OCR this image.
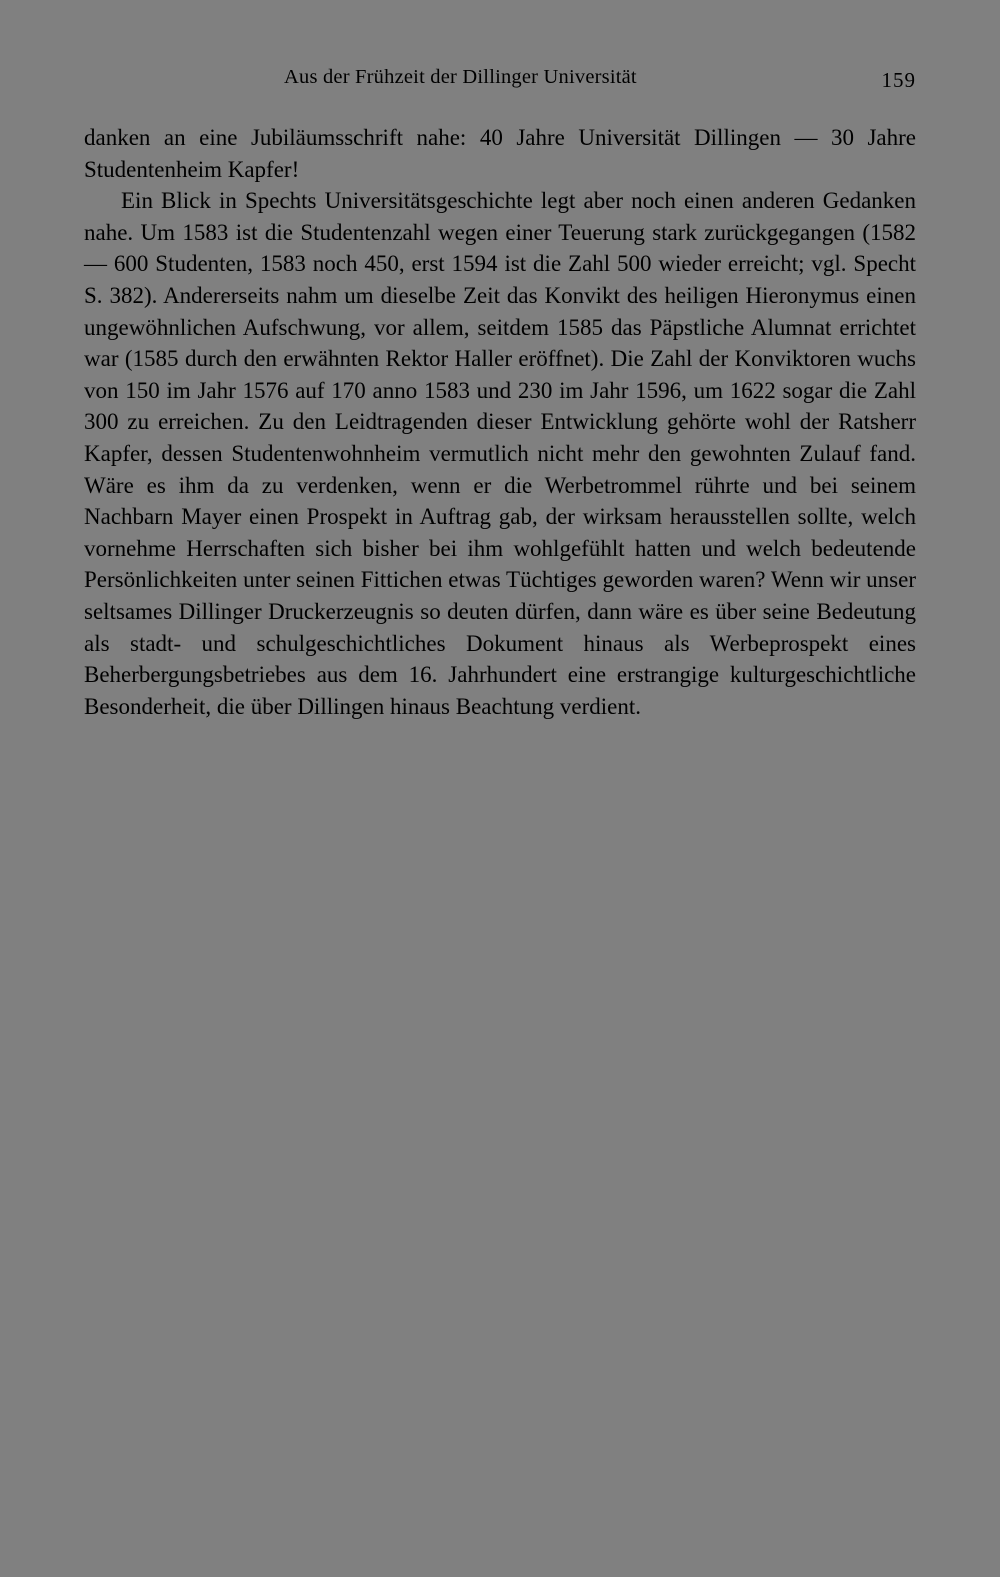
Aus der Frühzeit der Dillinger Universität	159

danken an eine Jubiläumsschrift nahe: 40 Jahre Universität Dillingen — 30 Jahre Studentenheim Kapfer!

Ein Blick in Spechts Universitätsgeschichte legt aber noch einen anderen Gedanken nahe. Um 1583 ist die Studentenzahl wegen einer Teuerung stark zurückgegangen (1582 — 600 Studenten, 1583 noch 450, erst 1594 ist die Zahl 500 wieder erreicht; vgl. Specht S. 382). Andererseits nahm um dieselbe Zeit das Konvikt des heiligen Hieronymus einen ungewöhnlichen Aufschwung, vor allem, seitdem 1585 das Päpstliche Alumnat errichtet war (1585 durch den erwähnten Rektor Haller eröffnet). Die Zahl der Konviktoren wuchs von 150 im Jahr 1576 auf 170 anno 1583 und 230 im Jahr 1596, um 1622 sogar die Zahl 300 zu erreichen. Zu den Leidtragenden dieser Entwicklung gehörte wohl der Ratsherr Kapfer, dessen Studentenwohnheim vermutlich nicht mehr den gewohnten Zulauf fand. Wäre es ihm da zu verdenken, wenn er die Werbetrommel rührte und bei seinem Nachbarn Mayer einen Prospekt in Auftrag gab, der wirksam herausstellen sollte, welch vornehme Herrschaften sich bisher bei ihm wohlgefühlt hatten und welch bedeutende Persönlichkeiten unter seinen Fittichen etwas Tüchtiges geworden waren? Wenn wir unser seltsames Dillinger Druckerzeugnis so deuten dürfen, dann wäre es über seine Bedeutung als stadt- und schulgeschichtliches Dokument hinaus als Werbeprospekt eines Beherbergungsbetriebes aus dem 16. Jahrhundert eine erstrangige kulturgeschichtliche Besonderheit, die über Dillingen hinaus Beachtung verdient.
